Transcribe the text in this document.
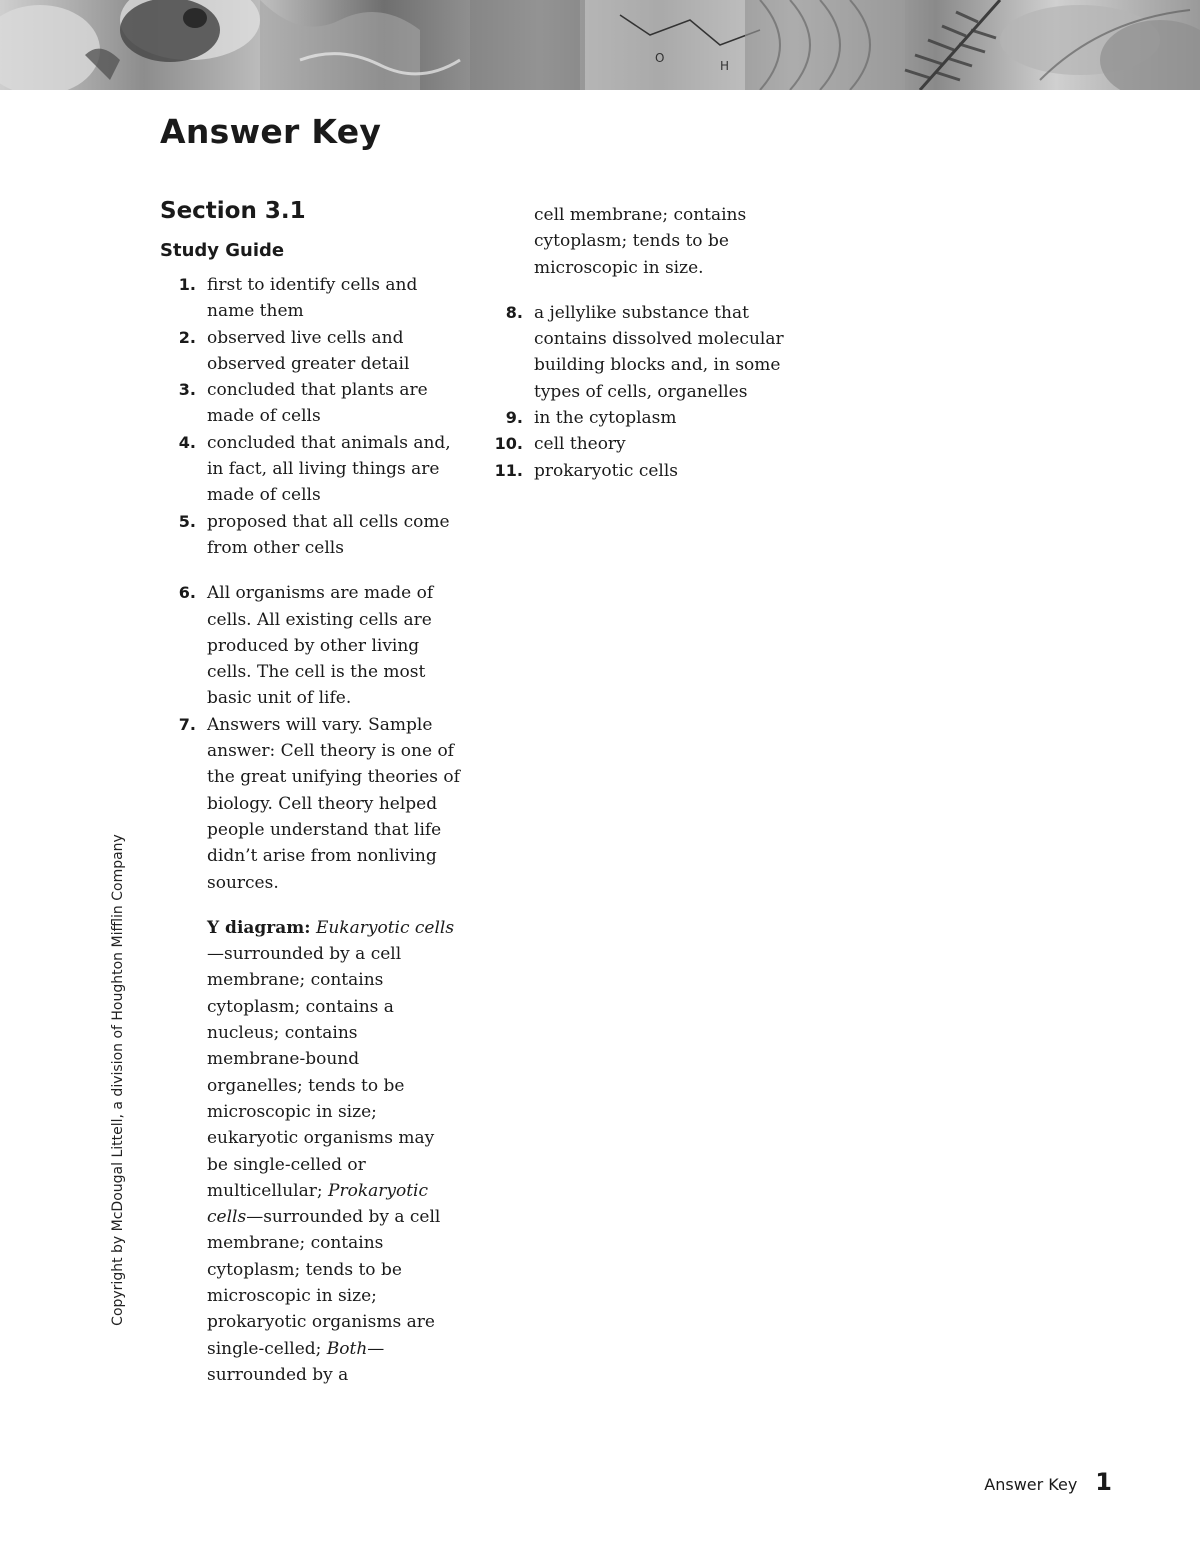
O
H
Answer Key
Section 3.1
Study Guide
1. first to identify cells and name them
2. observed live cells and observed greater detail
3. concluded that plants are made of cells
4. concluded that animals and, in fact, all living things are made of cells
5. proposed that all cells come from other cells
6. All organisms are made of cells. All existing cells are produced by other living cells. The cell is the most basic unit of life.
7. Answers will vary. Sample answer: Cell theory is one of the great unifying theories of biology. Cell theory helped people understand that life didn’t arise from nonliving sources.
Y diagram: Eukaryotic cells—surrounded by a cell membrane; contains cytoplasm; contains a nucleus; contains membrane-bound organelles; tends to be microscopic in size; eukaryotic organisms may be single-celled or multicellular; Prokaryotic cells—surrounded by a cell membrane; contains cytoplasm; tends to be microscopic in size; prokaryotic organisms are single-celled; Both—surrounded by a
cell membrane; contains cytoplasm; tends to be microscopic in size.
8. a jellylike substance that contains dissolved molecular building blocks and, in some types of cells, organelles
9. in the cytoplasm
10. cell theory
11. prokaryotic cells
Copyright by McDougal Littell, a division of Houghton Mifflin Company
Answer Key 1
